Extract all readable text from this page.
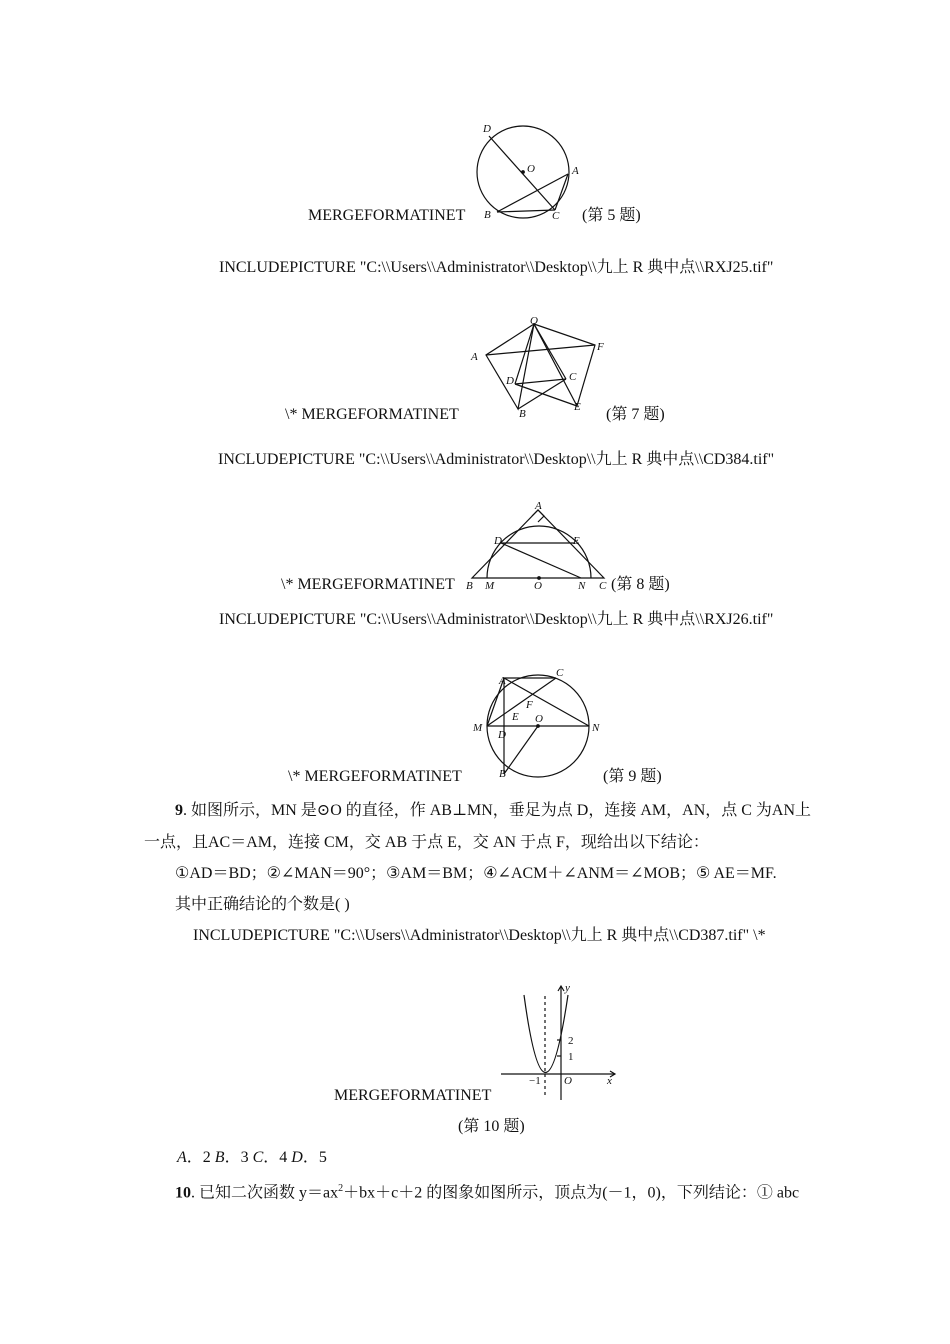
MERGEFORMATINET
D
O	A
B	C (第 5 题)
INCLUDEPICTURE "C:\\Users\\Administrator\\Desktop\\九上 R 典中点\\RXJ25.tif"
O
A
F
D	C
B
E
\* MERGEFORMATINET	(第 7 题)
INCLUDEPICTURE "C:\\Users\\Administrator\\Desktop\\九上 R 典中点\\CD384.tif"
A
D	E
B M	O	N C
\* MERGEFORMATINET	(第 8 题)
INCLUDEPICTURE "C:\\Users\\Administrator\\Desktop\\九上 R 典中点\\RXJ26.tif"
A
C
F
E O
M	N
D
B
\* MERGEFORMATINET	(第 9 题)
9. 如图所示，MN 是⊙O 的直径，作 AB⊥MN，垂足为点 D，连接 AM，AN，点 C 为AN上
一点，且AC＝AM，连接 CM，交 AB 于点 E，交 AN 于点 F，现给出以下结论：
①AD＝BD；②∠MAN＝90°；③AM＝BM；④∠ACM＋∠ANM＝∠MOB；⑤ AE＝MF.
其中正确结论的个数是( )
INCLUDEPICTURE "C:\\Users\\Administrator\\Desktop\\九上 R 典中点\\CD387.tif" \*
y
x
O
2
1
−1
MERGEFORMATINET
(第 10 题)
A．2 B．3 C．4 D．5
10. 已知二次函数 $y=ax^2+bx+c+2$ 的图象如图所示，顶点为(－1，0)，下列结论：① abc
